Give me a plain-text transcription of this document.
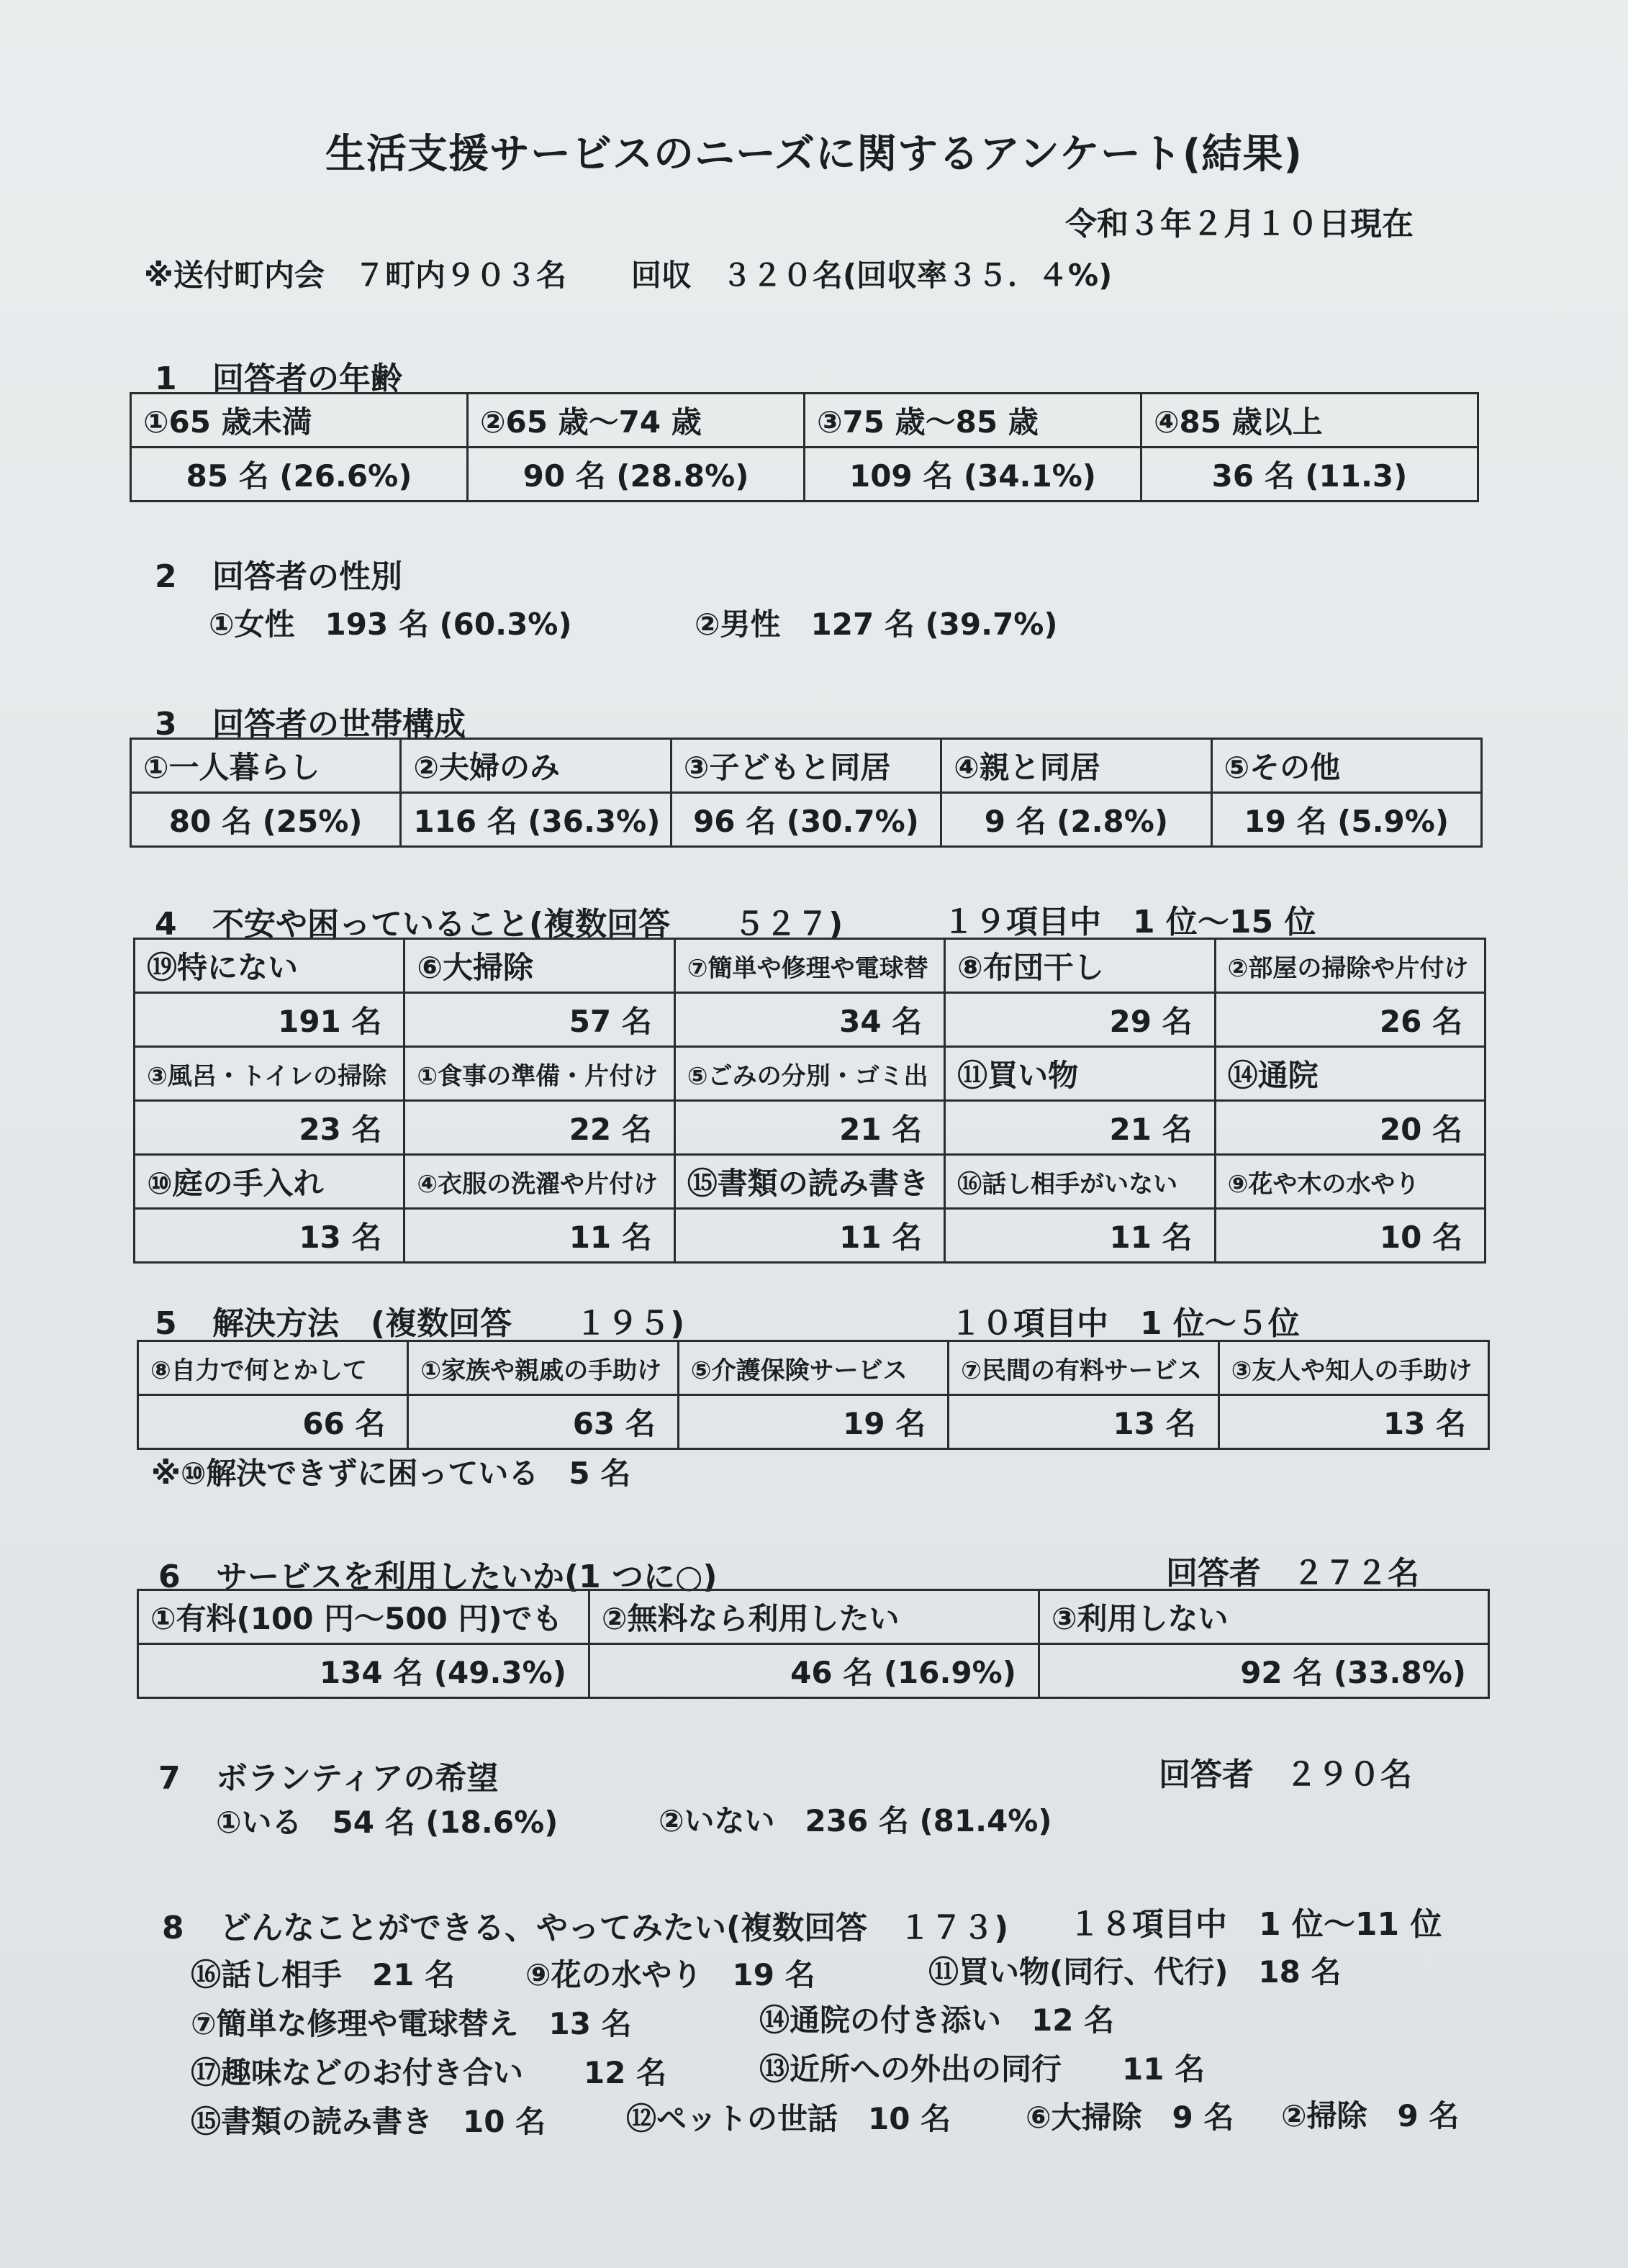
生活支援サービスのニーズに関するアンケート(結果)
令和３年２月１０日現在
※送付町内会　７町内９０３名 回収　３２０名(回収率３５．４%)
1 回答者の年齢
①65 歳未満	②65 歳～74 歳	③75 歳～85 歳	④85 歳以上
85 名 (26.6%)	90 名 (28.8%)	109 名 (34.1%)	36 名 (11.3)
2 回答者の性別
①女性　193 名 (60.3%)	②男性　127 名 (39.7%)
3 回答者の世帯構成
①一人暮らし	②夫婦のみ	③子どもと同居	④親と同居	⑤その他
80 名 (25%)	116 名 (36.3%)	96 名 (30.7%)	9 名 (2.8%)	19 名 (5.9%)
4 不安や困っていること(複数回答　　５２７)	１９項目中　1 位～15 位
⑲特にない	⑥大掃除	⑦簡単や修理や電球替	⑧布団干し	②部屋の掃除や片付け
191 名	57 名	34 名	29 名	26 名
③風呂・トイレの掃除	①食事の準備・片付け	⑤ごみの分別・ゴミ出	⑪買い物	⑭通院
23 名	22 名	21 名	21 名	20 名
⑩庭の手入れ	④衣服の洗濯や片付け	⑮書類の読み書き	⑯話し相手がいない	⑨花や木の水やり
13 名	11 名	11 名	11 名	10 名
5 解決方法　(複数回答　　１９５)	１０項目中　1 位～５位
⑧自力で何とかして	①家族や親戚の手助け	⑤介護保険サービス	⑦民間の有料サービス	③友人や知人の手助け
66 名	63 名	19 名	13 名	13 名
※⑩解決できずに困っている　5 名
6 サービスを利用したいか(1 つに○)	回答者　２７２名
①有料(100 円～500 円)でも	②無料なら利用したい	③利用しない
134 名 (49.3%)	46 名 (16.9%)	92 名 (33.8%)
7 ボランティアの希望	回答者　２９０名
①いる　54 名 (18.6%)	②いない　236 名 (81.4%)
8 どんなことができる、やってみたい(複数回答　１７３) １８項目中　1 位～11 位
⑯話し相手　21 名 ⑨花の水やり　19 名	⑪買い物(同行、代行)　18 名
⑦簡単な修理や電球替え　13 名	⑭通院の付き添い　12 名
⑰趣味などのお付き合い　　12 名	⑬近所への外出の同行　　11 名
⑮書類の読み書き　10 名	⑫ペットの世話　10 名 ⑥大掃除　9 名 ②掃除　9 名
